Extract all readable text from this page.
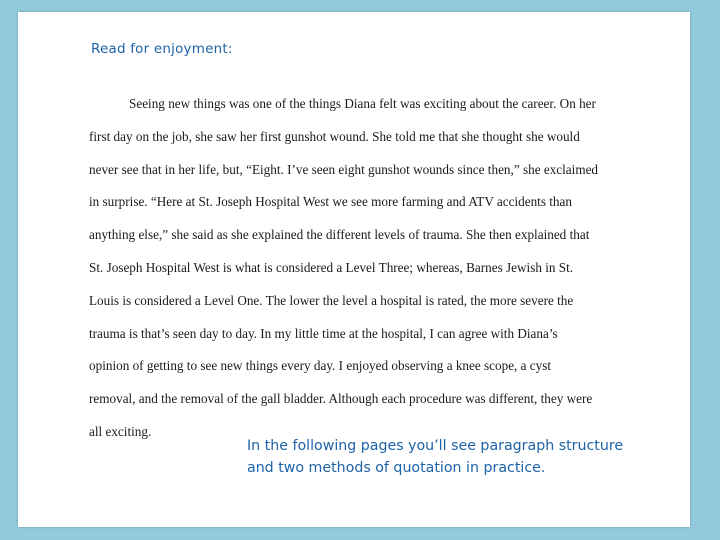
Read for enjoyment:
Seeing new things was one of the things Diana felt was exciting about the career. On her
first day on the job, she saw her first gunshot wound. She told me that she thought she would
never see that in her life, but, “Eight. I’ve seen eight gunshot wounds since then,” she exclaimed
in surprise. “Here at St. Joseph Hospital West we see more farming and ATV accidents than
anything else,” she said as she explained the different levels of trauma. She then explained that
St. Joseph Hospital West is what is considered a Level Three; whereas, Barnes Jewish in St.
Louis is considered a Level One. The lower the level a hospital is rated, the more severe the
trauma is that’s seen day to day. In my little time at the hospital, I can agree with Diana’s
opinion of getting to see new things every day. I enjoyed observing a knee scope, a cyst
removal, and the removal of the gall bladder. Although each procedure was different, they were
all exciting.
In the following pages you’ll see paragraph structure
and two methods of quotation in practice.
